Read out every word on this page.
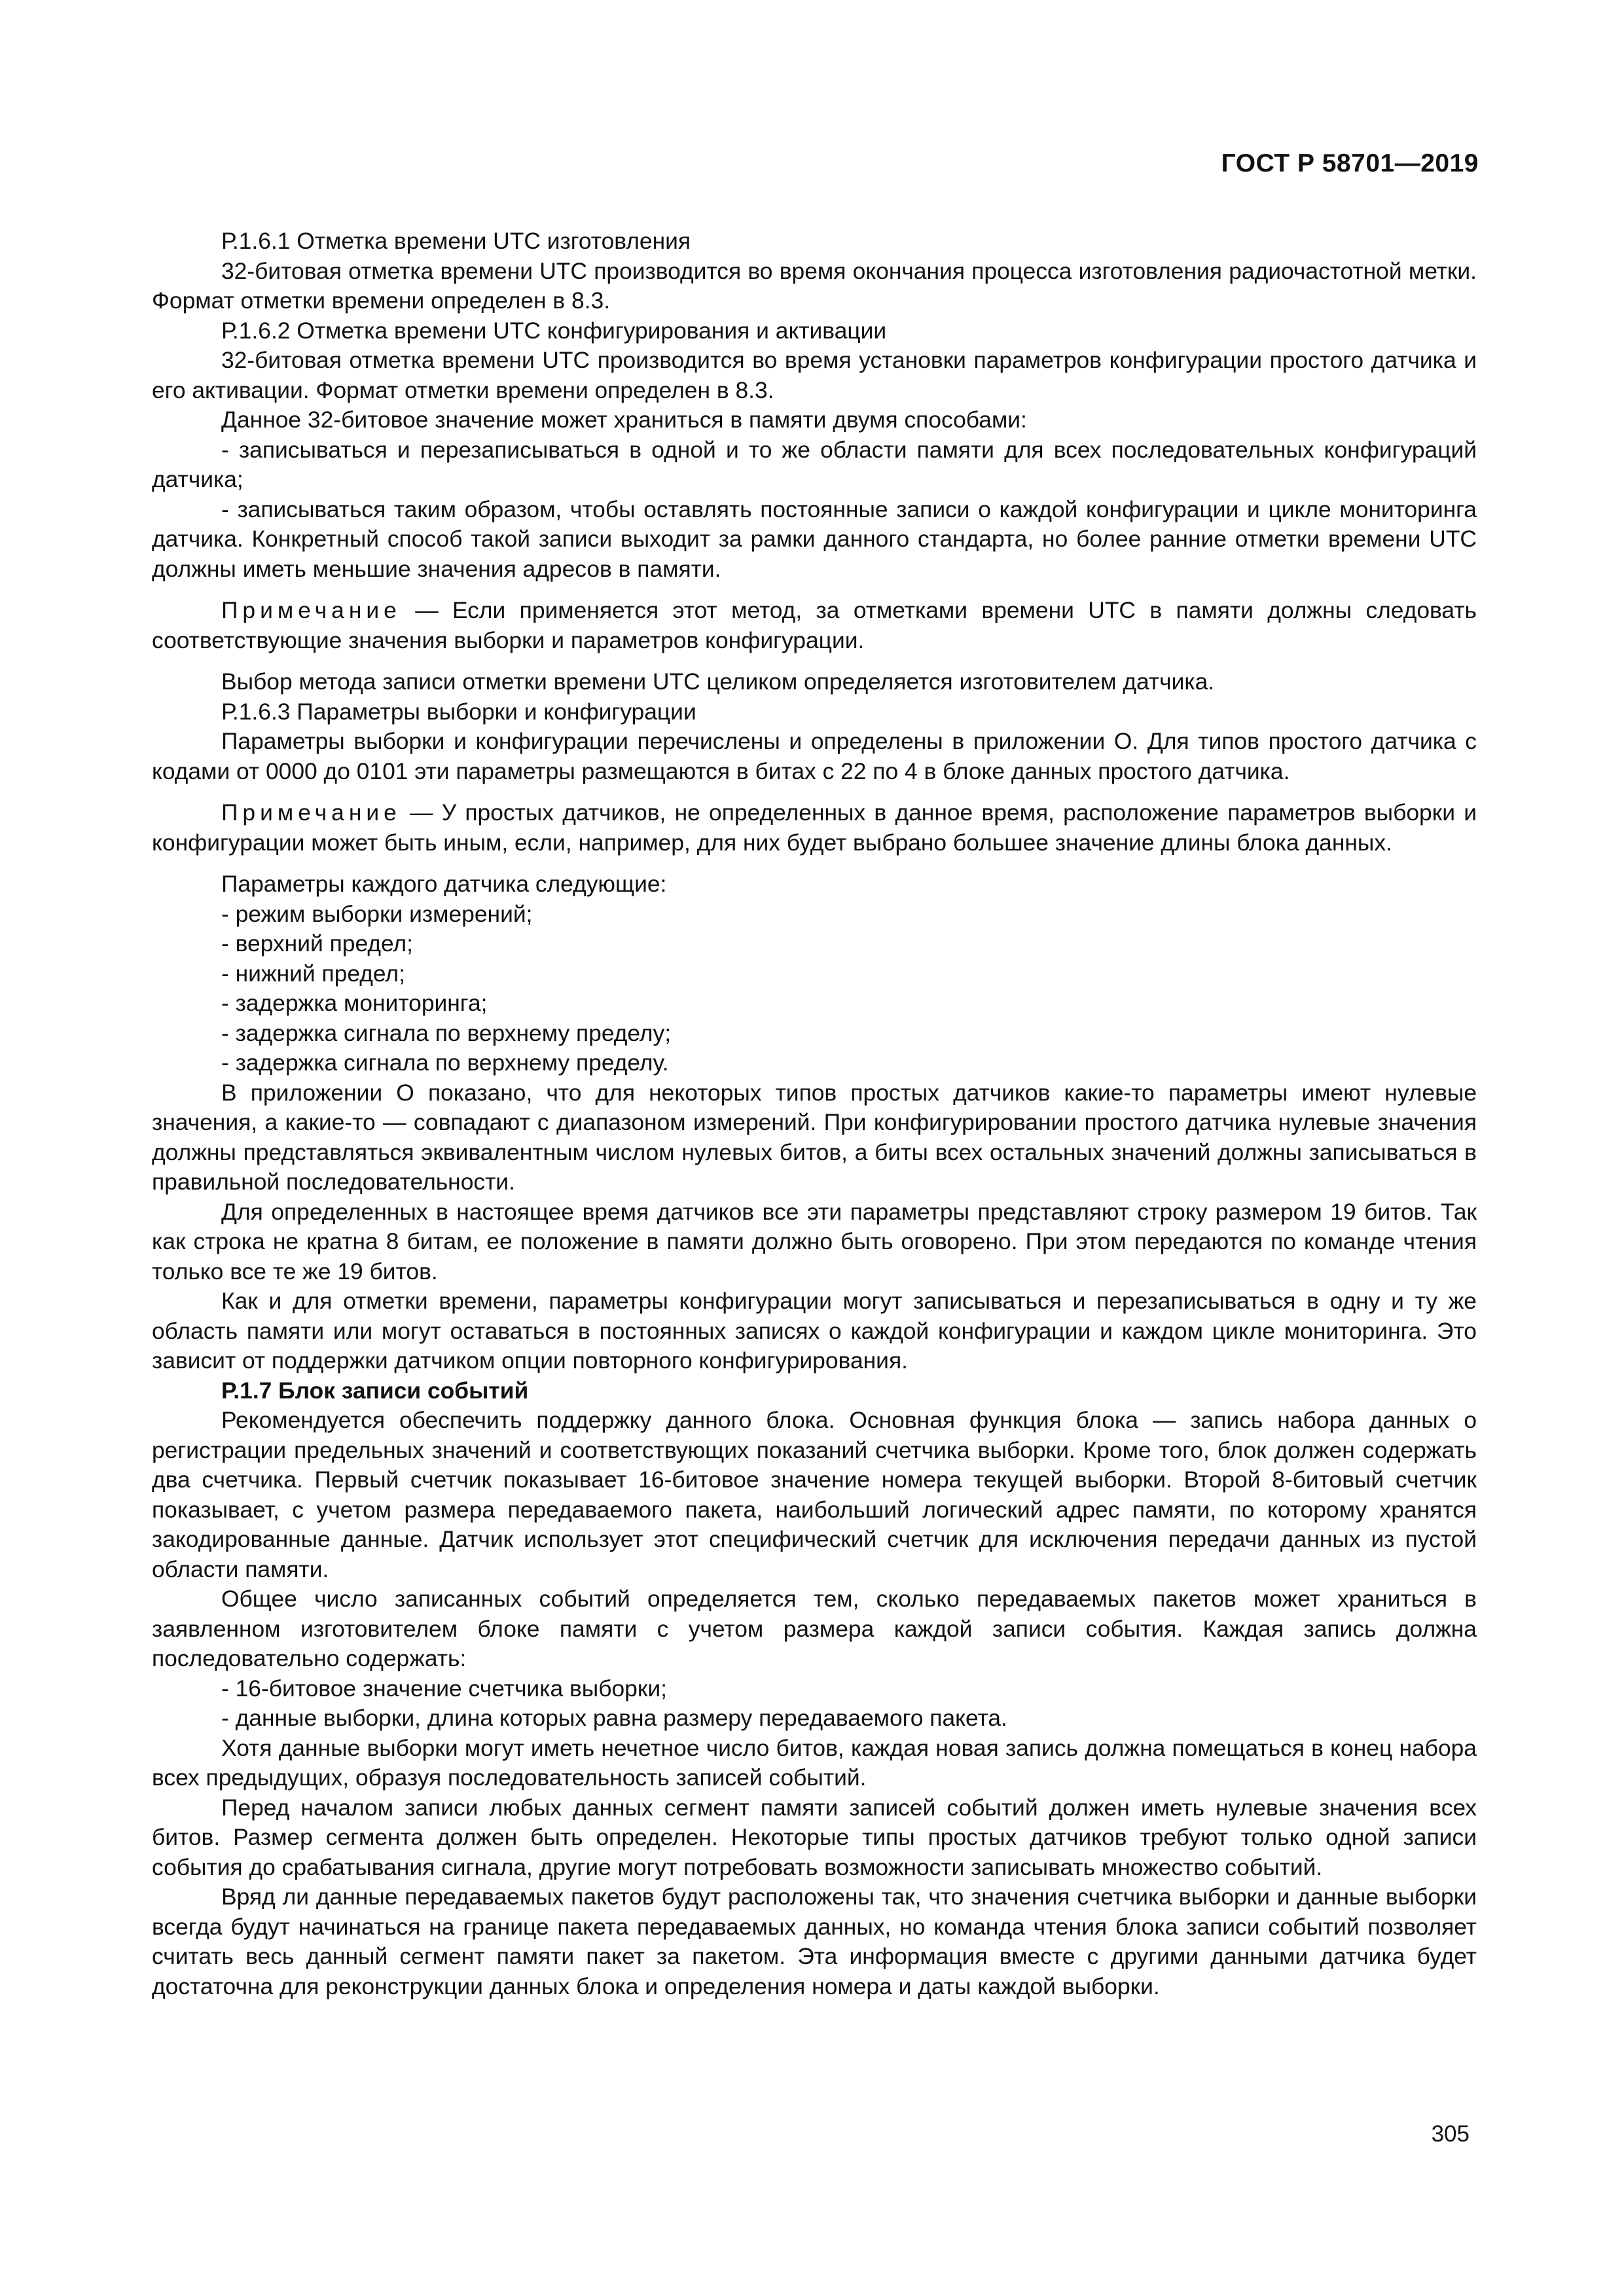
ГОСТ Р 58701—2019

Р.1.6.1 Отметка времени UTC изготовления

32-битовая отметка времени UTC производится во время окончания процесса изготовления радиочастотной метки. Формат отметки времени определен в 8.3.

Р.1.6.2 Отметка времени UTC конфигурирования и активации

32-битовая отметка времени UTC производится во время установки параметров конфигурации простого датчика и его активации. Формат отметки времени определен в 8.3.

Данное 32-битовое значение может храниться в памяти двумя способами:

- записываться и перезаписываться в одной и то же области памяти для всех последовательных конфигураций датчика;

- записываться таким образом, чтобы оставлять постоянные записи о каждой конфигурации и цикле мониторинга датчика. Конкретный способ такой записи выходит за рамки данного стандарта, но более ранние отметки времени UTC должны иметь меньшие значения адресов в памяти.

Примечание — Если применяется этот метод, за отметками времени UTC в памяти должны следовать соответствующие значения выборки и параметров конфигурации.

Выбор метода записи отметки времени UTC целиком определяется изготовителем датчика.

Р.1.6.3 Параметры выборки и конфигурации

Параметры выборки и конфигурации перечислены и определены в приложении О. Для типов простого датчика с кодами от 0000 до 0101 эти параметры размещаются в битах с 22 по 4 в блоке данных простого датчика.

Примечание — У простых датчиков, не определенных в данное время, расположение параметров выборки и конфигурации может быть иным, если, например, для них будет выбрано большее значение длины блока данных.

Параметры каждого датчика следующие:

- режим выборки измерений;

- верхний предел;

- нижний предел;

- задержка мониторинга;

- задержка сигнала по верхнему пределу;

- задержка сигнала по верхнему пределу.

В приложении О показано, что для некоторых типов простых датчиков какие-то параметры имеют нулевые значения, а какие-то — совпадают с диапазоном измерений. При конфигурировании простого датчика нулевые значения должны представляться эквивалентным числом нулевых битов, а биты всех остальных значений должны записываться в правильной последовательности.

Для определенных в настоящее время датчиков все эти параметры представляют строку размером 19 битов. Так как строка не кратна 8 битам, ее положение в памяти должно быть оговорено. При этом передаются по команде чтения только все те же 19 битов.

Как и для отметки времени, параметры конфигурации могут записываться и перезаписываться в одну и ту же область памяти или могут оставаться в постоянных записях о каждой конфигурации и каждом цикле мониторинга. Это зависит от поддержки датчиком опции повторного конфигурирования.

Р.1.7 Блок записи событий

Рекомендуется обеспечить поддержку данного блока. Основная функция блока — запись набора данных о регистрации предельных значений и соответствующих показаний счетчика выборки. Кроме того, блок должен содержать два счетчика. Первый счетчик показывает 16-битовое значение номера текущей выборки. Второй 8-битовый счетчик показывает, с учетом размера передаваемого пакета, наибольший логический адрес памяти, по которому хранятся закодированные данные. Датчик использует этот специфический счетчик для исключения передачи данных из пустой области памяти.

Общее число записанных событий определяется тем, сколько передаваемых пакетов может храниться в заявленном изготовителем блоке памяти с учетом размера каждой записи события. Каждая запись должна последовательно содержать:

- 16-битовое значение счетчика выборки;

- данные выборки, длина которых равна размеру передаваемого пакета.

Хотя данные выборки могут иметь нечетное число битов, каждая новая запись должна помещаться в конец набора всех предыдущих, образуя последовательность записей событий.

Перед началом записи любых данных сегмент памяти записей событий должен иметь нулевые значения всех битов. Размер сегмента должен быть определен. Некоторые типы простых датчиков требуют только одной записи события до срабатывания сигнала, другие могут потребовать возможности записывать множество событий.

Вряд ли данные передаваемых пакетов будут расположены так, что значения счетчика выборки и данные выборки всегда будут начинаться на границе пакета передаваемых данных, но команда чтения блока записи событий позволяет считать весь данный сегмент памяти пакет за пакетом. Эта информация вместе с другими данными датчика будет достаточна для реконструкции данных блока и определения номера и даты каждой выборки.

305
